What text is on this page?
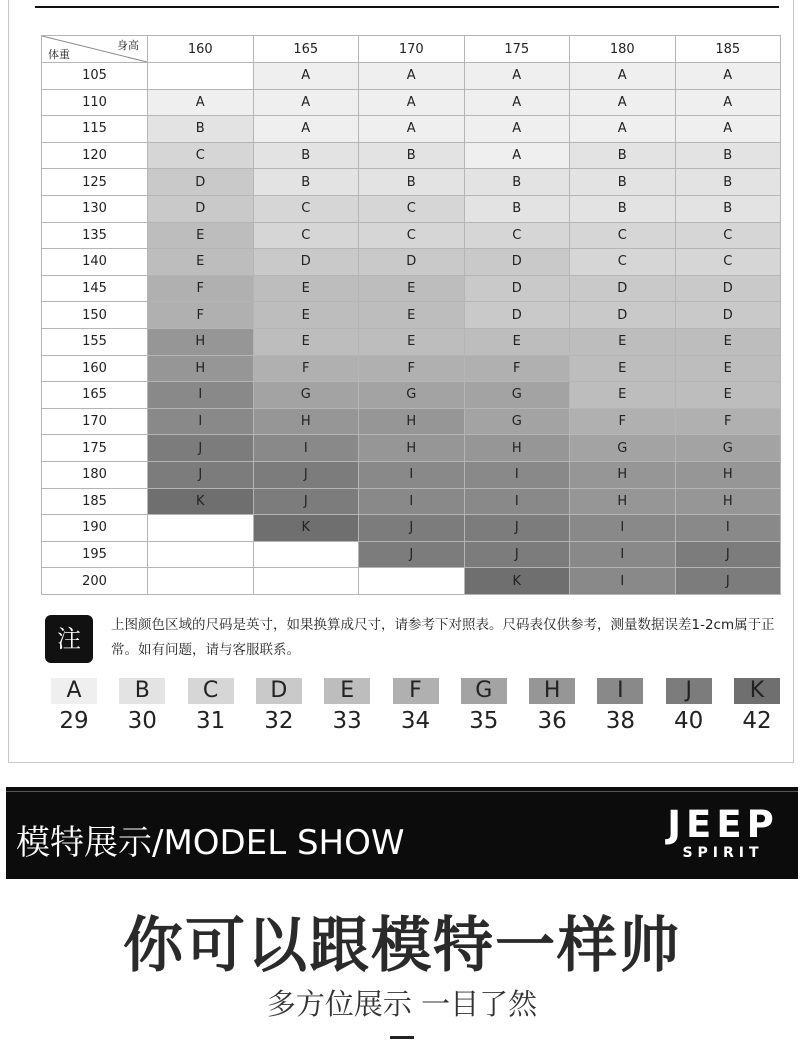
身高
体重	160	165	170	175	180	185
105		A	A	A	A	A
110	A	A	A	A	A	A
115	B	A	A	A	A	A
120	C	B	B	A	B	B
125	D	B	B	B	B	B
130	D	C	C	B	B	B
135	E	C	C	C	C	C
140	E	D	D	D	C	C
145	F	E	E	D	D	D
150	F	E	E	D	D	D
155	H	E	E	E	E	E
160	H	F	F	F	E	E
165	I	G	G	G	E	E
170	I	H	H	G	F	F
175	J	I	H	H	G	G
180	J	J	I	I	H	H
185	K	J	I	I	H	H
190		K	J	J	I	I
195			J	J	I	J
200				K	I	J
注	上图颜色区域的尺码是英寸，如果换算成尺寸，请参考下对照表。尺码表仅供参考，测量数据误差1-2cm属于正常。如有问题，请与客服联系。
A
29
B
30
C
31
D
32
E
33
F
34
G
35
H
36
I
38
J
40
K
42
模特展示/MODEL SHOW	JEEP
SPIRIT
你可以跟模特一样帅
多方位展示 一目了然
